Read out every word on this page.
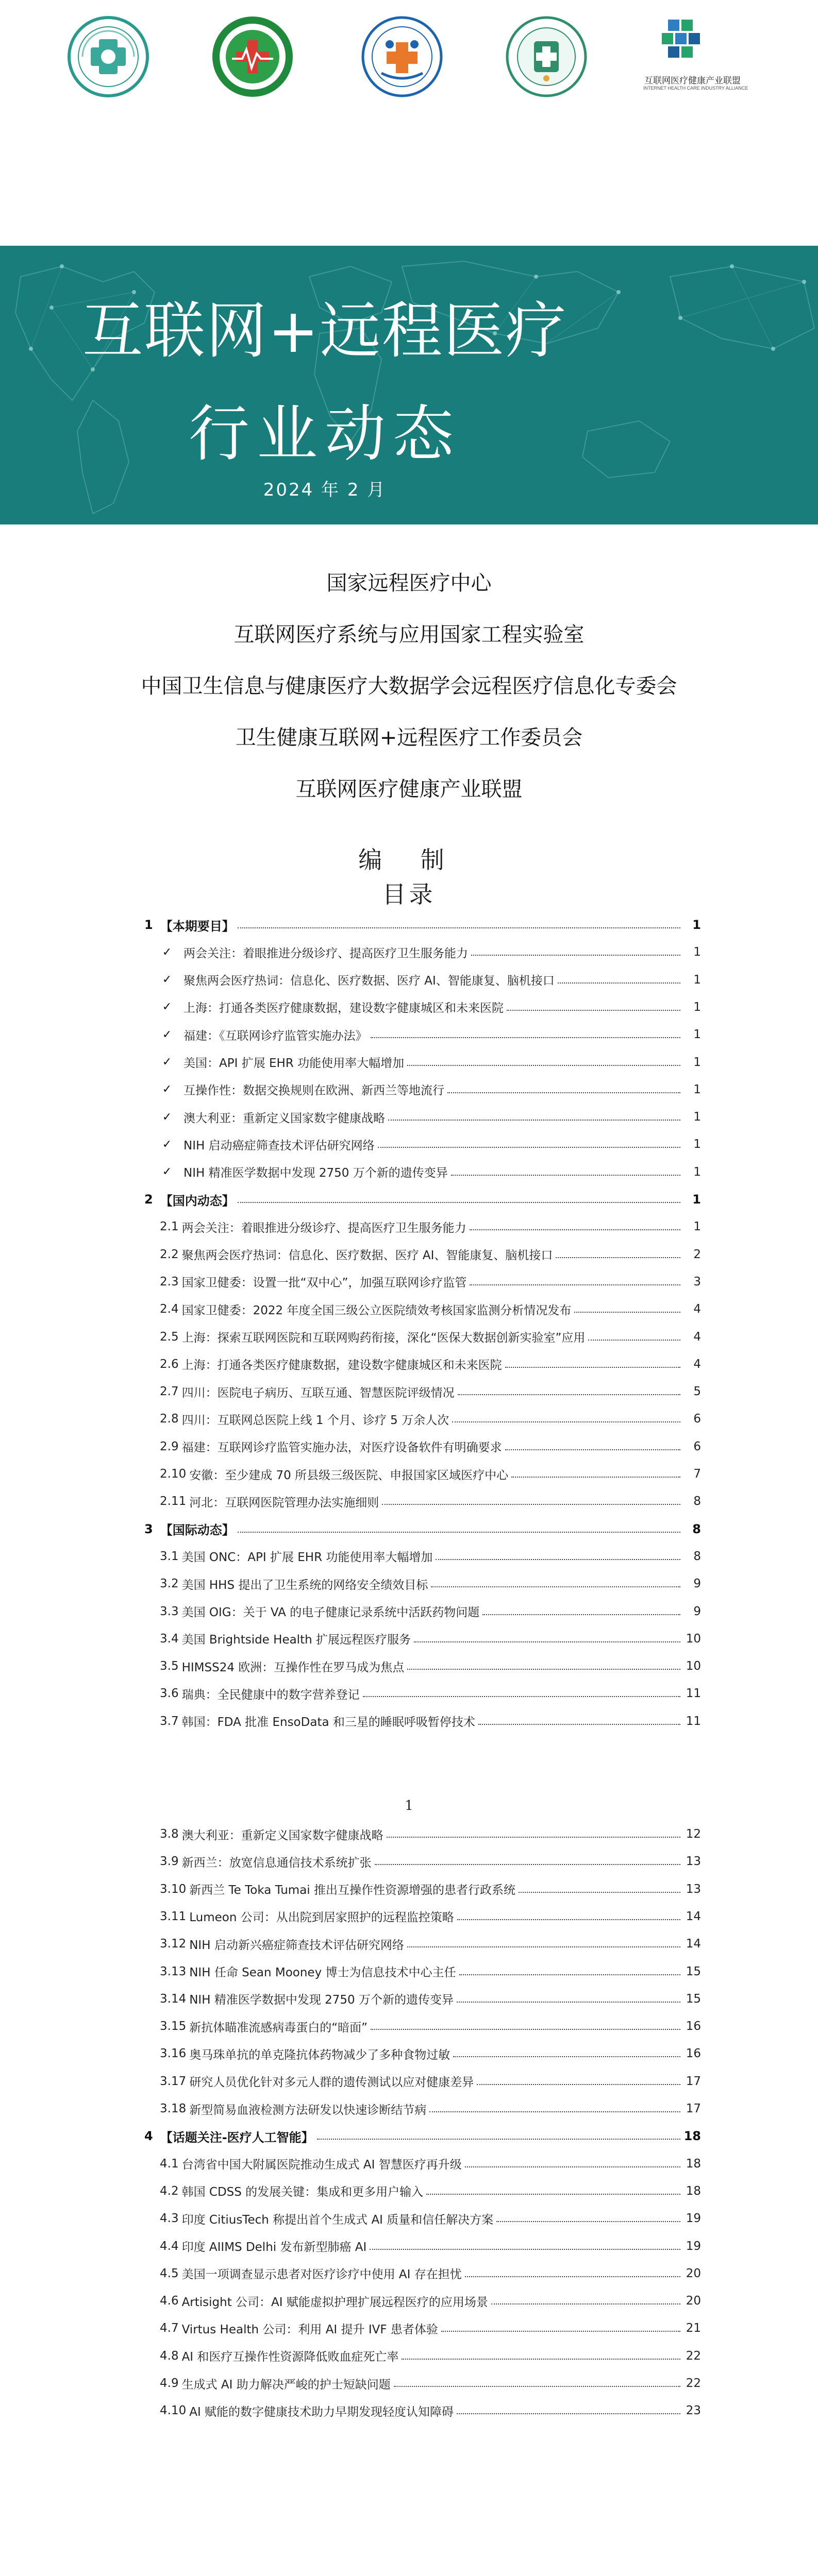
互联网医疗健康产业联盟
INTERNET HEALTH CARE INDUSTRY ALLIANCE
互联网+远程医疗
行业动态
2024 年 2 月
国家远程医疗中心
互联网医疗系统与应用国家工程实验室
中国卫生信息与健康医疗大数据学会远程医疗信息化专委会
卫生健康互联网+远程医疗工作委员会
互联网医疗健康产业联盟
编 制
目录
1 【本期要目】	1
✓ 两会关注：着眼推进分级诊疗、提高医疗卫生服务能力	1
✓ 聚焦两会医疗热词：信息化、医疗数据、医疗 AI、智能康复、脑机接口	1
✓ 上海：打通各类医疗健康数据，建设数字健康城区和未来医院	1
✓ 福建：《互联网诊疗监管实施办法》	1
✓ 美国：API 扩展 EHR 功能使用率大幅增加	1
✓ 互操作性：数据交换规则在欧洲、新西兰等地流行	1
✓ 澳大利亚：重新定义国家数字健康战略	1
✓ NIH 启动癌症筛查技术评估研究网络	1
✓ NIH 精准医学数据中发现 2750 万个新的遗传变异	1
2 【国内动态】	1
2.1 两会关注：着眼推进分级诊疗、提高医疗卫生服务能力	1
2.2 聚焦两会医疗热词：信息化、医疗数据、医疗 AI、智能康复、脑机接口	2
2.3 国家卫健委：设置一批“双中心”，加强互联网诊疗监管	3
2.4 国家卫健委：2022 年度全国三级公立医院绩效考核国家监测分析情况发布	4
2.5 上海：探索互联网医院和互联网购药衔接，深化“医保大数据创新实验室”应用	4
2.6 上海：打通各类医疗健康数据，建设数字健康城区和未来医院	4
2.7 四川：医院电子病历、互联互通、智慧医院评级情况	5
2.8 四川：互联网总医院上线 1 个月、诊疗 5 万余人次	6
2.9 福建：互联网诊疗监管实施办法，对医疗设备软件有明确要求	6
2.10 安徽：至少建成 70 所县级三级医院、申报国家区域医疗中心	7
2.11 河北：互联网医院管理办法实施细则	8
3 【国际动态】	8
3.1 美国 ONC：API 扩展 EHR 功能使用率大幅增加	8
3.2 美国 HHS 提出了卫生系统的网络安全绩效目标	9
3.3 美国 OIG：关于 VA 的电子健康记录系统中活跃药物问题	9
3.4 美国 Brightside Health 扩展远程医疗服务	10
3.5 HIMSS24 欧洲：互操作性在罗马成为焦点	10
3.6 瑞典：全民健康中的数字营养登记	11
3.7 韩国：FDA 批准 EnsoData 和三星的睡眠呼吸暂停技术	11
1
3.8 澳大利亚：重新定义国家数字健康战略	12
3.9 新西兰：放宽信息通信技术系统扩张	13
3.10 新西兰 Te Toka Tumai 推出互操作性资源增强的患者行政系统	13
3.11 Lumeon 公司：从出院到居家照护的远程监控策略	14
3.12 NIH 启动新兴癌症筛查技术评估研究网络	14
3.13 NIH 任命 Sean Mooney 博士为信息技术中心主任	15
3.14 NIH 精准医学数据中发现 2750 万个新的遗传变异	15
3.15 新抗体瞄准流感病毒蛋白的“暗面”	16
3.16 奥马珠单抗的单克隆抗体药物减少了多种食物过敏	16
3.17 研究人员优化针对多元人群的遗传测试以应对健康差异	17
3.18 新型简易血液检测方法研发以快速诊断结节病	17
4 【话题关注-医疗人工智能】	18
4.1 台湾省中国大附属医院推动生成式 AI 智慧医疗再升级	18
4.2 韩国 CDSS 的发展关键：集成和更多用户输入	18
4.3 印度 CitiusTech 称提出首个生成式 AI 质量和信任解决方案	19
4.4 印度 AIIMS Delhi 发布新型肺癌 AI	19
4.5 美国一项调查显示患者对医疗诊疗中使用 AI 存在担忧	20
4.6 Artisight 公司：AI 赋能虚拟护理扩展远程医疗的应用场景	20
4.7 Virtus Health 公司：利用 AI 提升 IVF 患者体验	21
4.8 AI 和医疗互操作性资源降低败血症死亡率	22
4.9 生成式 AI 助力解决严峻的护士短缺问题	22
4.10 AI 赋能的数字健康技术助力早期发现轻度认知障碍	23
